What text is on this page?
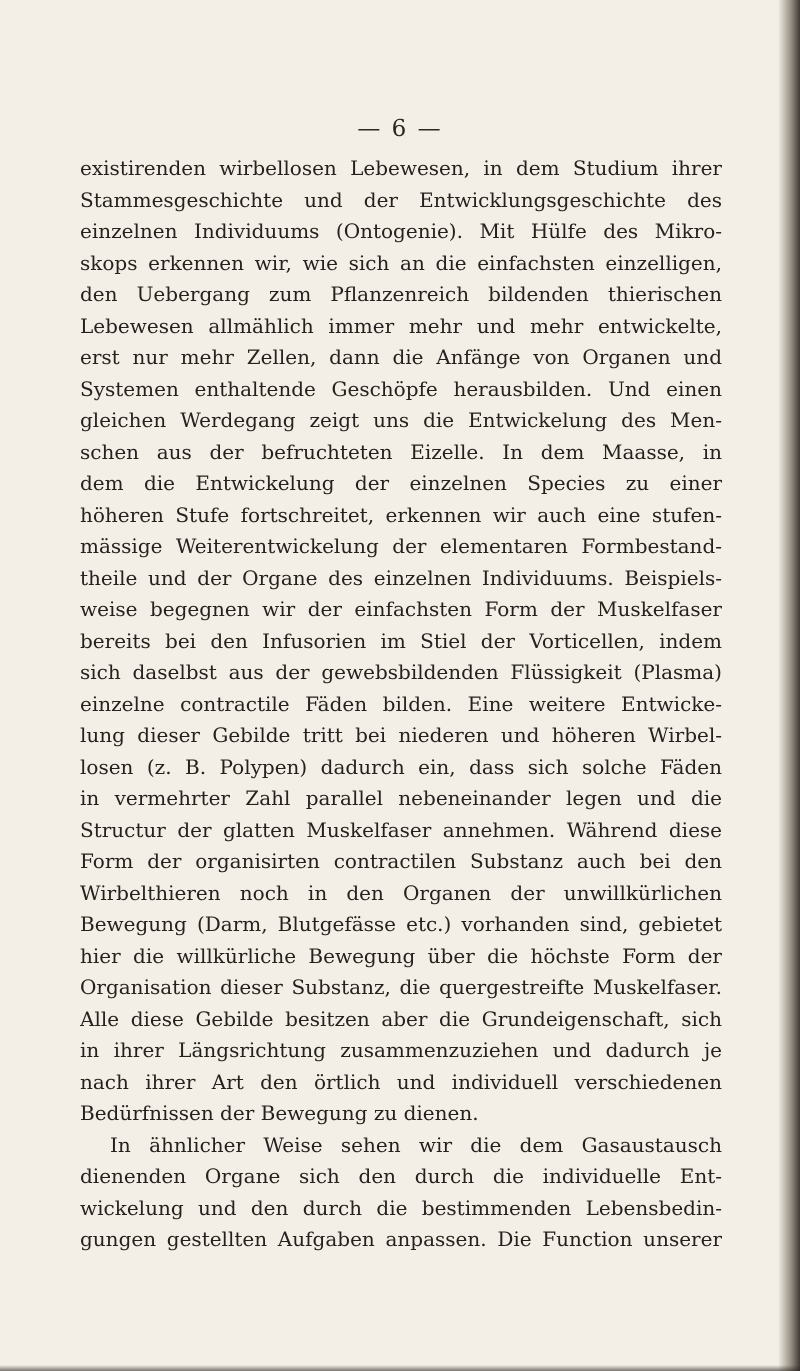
— 6 —
existirenden wirbellosen Lebewesen, in dem Studium ihrer
Stammesgeschichte und der Entwicklungsgeschichte des
einzelnen Individuums (Ontogenie). Mit Hülfe des Mikro-
skops erkennen wir, wie sich an die einfachsten einzelligen,
den Uebergang zum Pflanzenreich bildenden thierischen
Lebewesen allmählich immer mehr und mehr entwickelte,
erst nur mehr Zellen, dann die Anfänge von Organen und
Systemen enthaltende Geschöpfe herausbilden. Und einen
gleichen Werdegang zeigt uns die Entwickelung des Men-
schen aus der befruchteten Eizelle. In dem Maasse, in
dem die Entwickelung der einzelnen Species zu einer
höheren Stufe fortschreitet, erkennen wir auch eine stufen-
mässige Weiterentwickelung der elementaren Formbestand-
theile und der Organe des einzelnen Individuums. Beispiels-
weise begegnen wir der einfachsten Form der Muskelfaser
bereits bei den Infusorien im Stiel der Vorticellen, indem
sich daselbst aus der gewebsbildenden Flüssigkeit (Plasma)
einzelne contractile Fäden bilden. Eine weitere Entwicke-
lung dieser Gebilde tritt bei niederen und höheren Wirbel-
losen (z. B. Polypen) dadurch ein, dass sich solche Fäden
in vermehrter Zahl parallel nebeneinander legen und die
Structur der glatten Muskelfaser annehmen. Während diese
Form der organisirten contractilen Substanz auch bei den
Wirbelthieren noch in den Organen der unwillkürlichen
Bewegung (Darm, Blutgefässe etc.) vorhanden sind, gebietet
hier die willkürliche Bewegung über die höchste Form der
Organisation dieser Substanz, die quergestreifte Muskelfaser.
Alle diese Gebilde besitzen aber die Grundeigenschaft, sich
in ihrer Längsrichtung zusammenzuziehen und dadurch je
nach ihrer Art den örtlich und individuell verschiedenen
Bedürfnissen der Bewegung zu dienen.
In ähnlicher Weise sehen wir die dem Gasaustausch
dienenden Organe sich den durch die individuelle Ent-
wickelung und den durch die bestimmenden Lebensbedin-
gungen gestellten Aufgaben anpassen. Die Function unserer
